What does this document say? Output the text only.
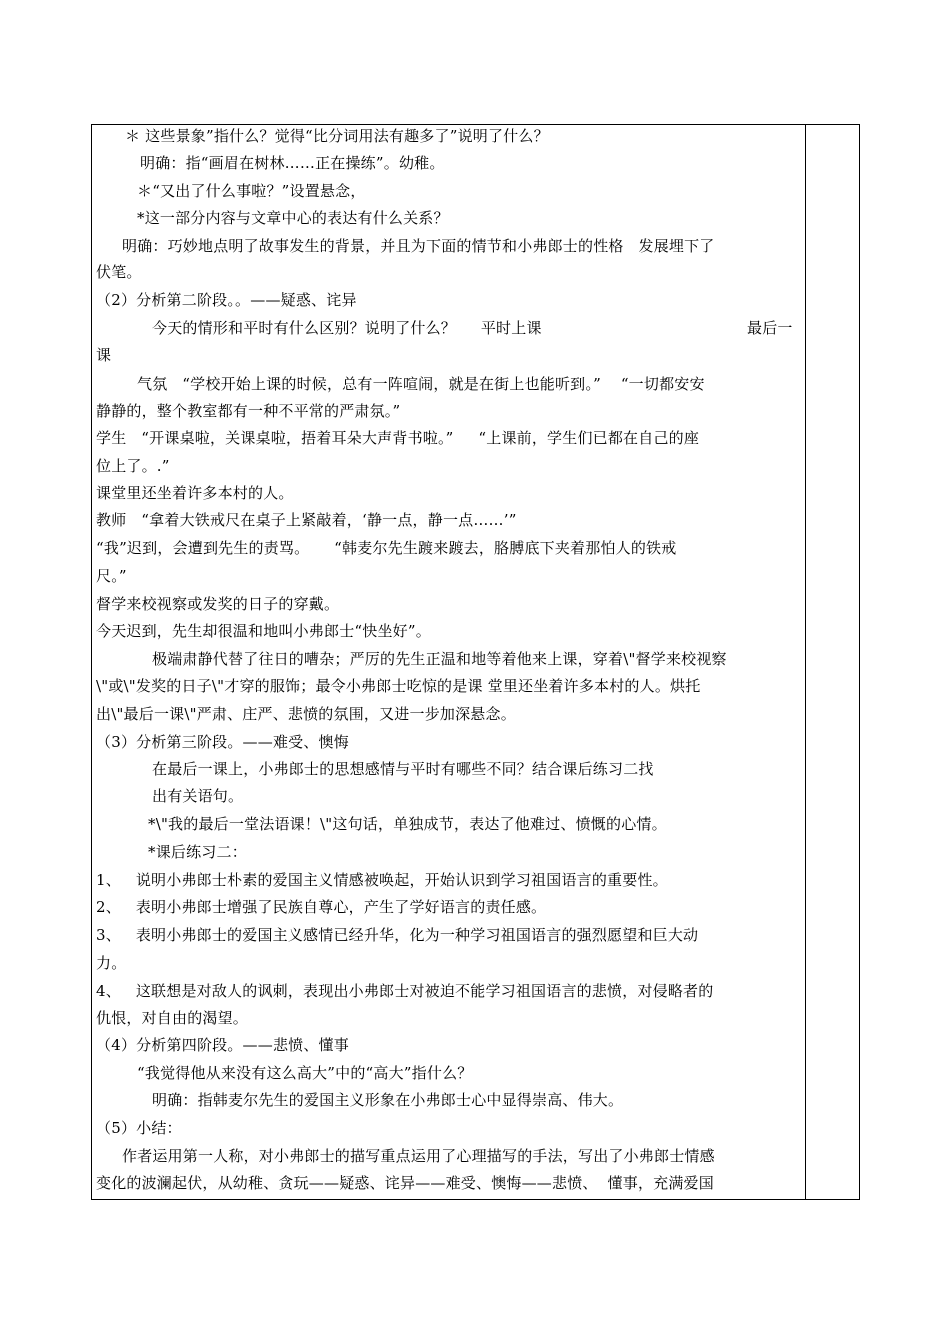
＊ 这些景象”指什么？觉得“比分词用法有趣多了”说明了什么？
明确：指“画眉在树林……正在操练”。幼稚。
＊“又出了什么事啦？”设置悬念，
*这一部分内容与文章中心的表达有什么关系？
明确：巧妙地点明了故事发生的背景，并且为下面的情节和小弗郎士的性格   发展埋下了
伏笔。
（2）分析第二阶段。。——疑惑、诧异
今天的情形和平时有什么区别？说明了什么？     平时上课	最后一
课
气氛   “学校开始上课的时候，总有一阵喧闹，就是在街上也能听到。”    “一切都安安
静静的，整个教室都有一种不平常的严肃氛。”
学生   “开课桌啦，关课桌啦，捂着耳朵大声背书啦。”     “上课前，学生们已都在自己的座
位上了。.”
课堂里还坐着许多本村的人。
教师   “拿着大铁戒尺在桌子上紧敲着，‘静一点，静一点……’”
“我”迟到，会遭到先生的责骂。     “韩麦尔先生踱来踱去，胳膊底下夹着那怕人的铁戒
尺。”
督学来校视察或发奖的日子的穿戴。
今天迟到，先生却很温和地叫小弗郎士“快坐好”。
极端肃静代替了往日的嘈杂；严厉的先生正温和地等着他来上课，穿着\"督学来校视察
\"或\"发奖的日子\"才穿的服饰；最令小弗郎士吃惊的是课 堂里还坐着许多本村的人。烘托
出\"最后一课\"严肃、庄严、悲愤的氛围，又进一步加深悬念。
（3）分析第三阶段。——难受、懊悔
在最后一课上，小弗郎士的思想感情与平时有哪些不同？结合课后练习二找
出有关语句。
*\"我的最后一堂法语课！\"这句话，单独成节，表达了他难过、愤慨的心情。
*课后练习二：
1、   说明小弗郎士朴素的爱国主义情感被唤起，开始认识到学习祖国语言的重要性。
2、   表明小弗郎士增强了民族自尊心，产生了学好语言的责任感。
3、   表明小弗郎士的爱国主义感情已经升华，化为一种学习祖国语言的强烈愿望和巨大动
力。
4、   这联想是对敌人的讽刺，表现出小弗郎士对被迫不能学习祖国语言的悲愤，对侵略者的
仇恨，对自由的渴望。
（4）分析第四阶段。——悲愤、懂事
“我觉得他从来没有这么高大”中的“高大”指什么？
明确：指韩麦尔先生的爱国主义形象在小弗郎士心中显得崇高、伟大。
（5）小结：
作者运用第一人称，对小弗郎士的描写重点运用了心理描写的手法，写出了小弗郎士情感
变化的波澜起伏，从幼稚、贪玩——疑惑、诧异——难受、懊悔——悲愤、  懂事，充满爱国
